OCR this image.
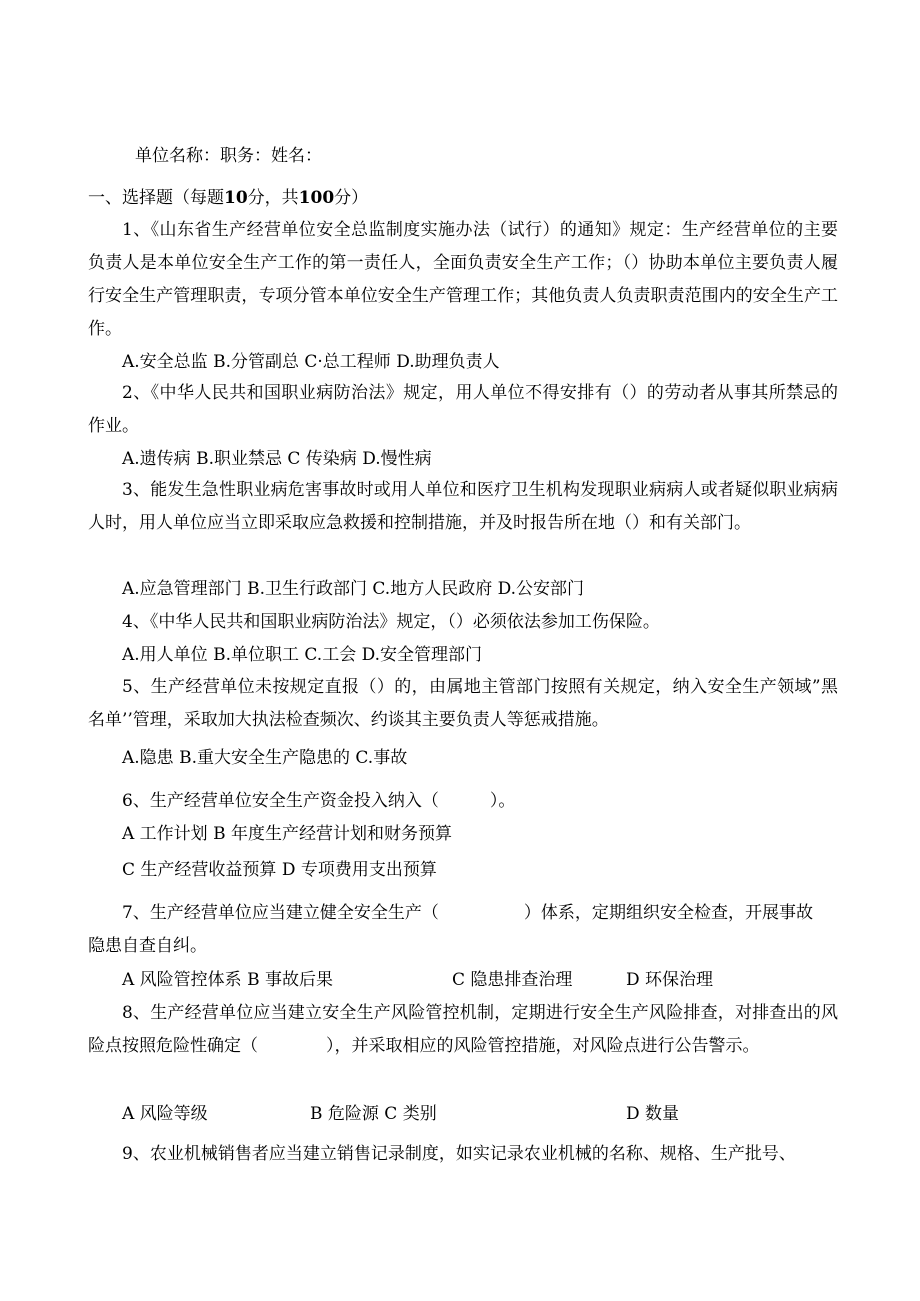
单位名称：职务：姓名：
一、选择题（每题10分，共100分）
1、《山东省生产经营单位安全总监制度实施办法（试行）的通知》规定：生产经营单位的主要负责人是本单位安全生产工作的第一责任人，全面负责安全生产工作；（）协助本单位主要负责人履行安全生产管理职责，专项分管本单位安全生产管理工作；其他负责人负责职责范围内的安全生产工作。
A.安全总监 B.分管副总 C·总工程师 D.助理负责人
2、《中华人民共和国职业病防治法》规定，用人单位不得安排有（）的劳动者从事其所禁忌的作业。
A.遗传病 B.职业禁忌 C 传染病 D.慢性病
3、能发生急性职业病危害事故时或用人单位和医疗卫生机构发现职业病病人或者疑似职业病病人时，用人单位应当立即采取应急救援和控制措施，并及时报告所在地（）和有关部门。
A.应急管理部门 B.卫生行政部门 C.地方人民政府 D.公安部门
4、《中华人民共和国职业病防治法》规定，（）必须依法参加工伤保险。
A.用人单位 B.单位职工 C.工会 D.安全管理部门
5、生产经营单位未按规定直报（）的，由属地主管部门按照有关规定，纳入安全生产领域”黑名单’’管理，采取加大执法检查频次、约谈其主要负责人等惩戒措施。
A.隐患 B.重大安全生产隐患的 C.事故
6、生产经营单位安全生产资金投入纳入（　　　）。
A 工作计划 B 年度生产经营计划和财务预算
C 生产经营收益预算 D 专项费用支出预算
7、生产经营单位应当建立健全安全生产（　　　　　）体系，定期组织安全检查，开展事故隐患自查自纠。
A 风险管控体系 B 事故后果	C 隐患排查治理	D 环保治理
8、生产经营单位应当建立安全生产风险管控机制，定期进行安全生产风险排查，对排查出的风险点按照危险性确定（　　　　），并采取相应的风险管控措施，对风险点进行公告警示。
A 风险等级	B 危险源 C 类别	D 数量
9、农业机械销售者应当建立销售记录制度，如实记录农业机械的名称、规格、生产批号、
